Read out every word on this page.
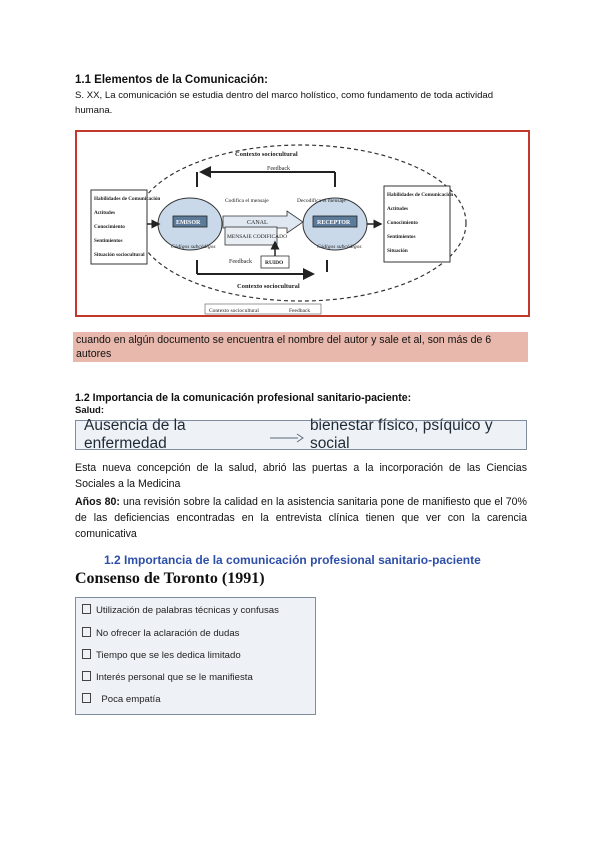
1.1 Elementos de la Comunicación:
S. XX, La comunicación se estudia dentro del marco holístico, como fundamento de toda actividad humana.
Contexto sociocultural
Feedback
Feedback
Contexto sociocultural
Contexto sociocultural	Feedback
EMISOR	RECEPTOR
Codifica el mensaje	Decodifica el mensaje
CANAL
MENSAJE CODIFICADO
RUIDO
Códigos subcódigos	Códigos subcódigos
Habilidades de Comunicación
Actitudes
Conocimiento
Sentimientos
Situación sociocultural
Habilidades de Comunicación
Actitudes
Conocimiento
Sentimientos
Situación
cuando en algún documento se encuentra el nombre del autor y sale et al, son más de 6 autores
1.2 Importancia de la comunicación profesional sanitario-paciente:
Salud:
Ausencia de la enfermedad
bienestar físico, psíquico y social
Esta nueva concepción de la salud, abrió las puertas a la incorporación de las Ciencias Sociales a la Medicina
Años 80: una revisión sobre la calidad en la asistencia sanitaria pone de manifiesto que el 70% de las deficiencias encontradas en la entrevista clínica tienen que ver con la carencia comunicativa
1.2 Importancia de la comunicación profesional sanitario-paciente
Consenso de Toronto (1991)
Utilización de palabras técnicas y confusas
No ofrecer la aclaración de dudas
Tiempo que se les dedica limitado
Interés personal que se le manifiesta
Poca empatía
